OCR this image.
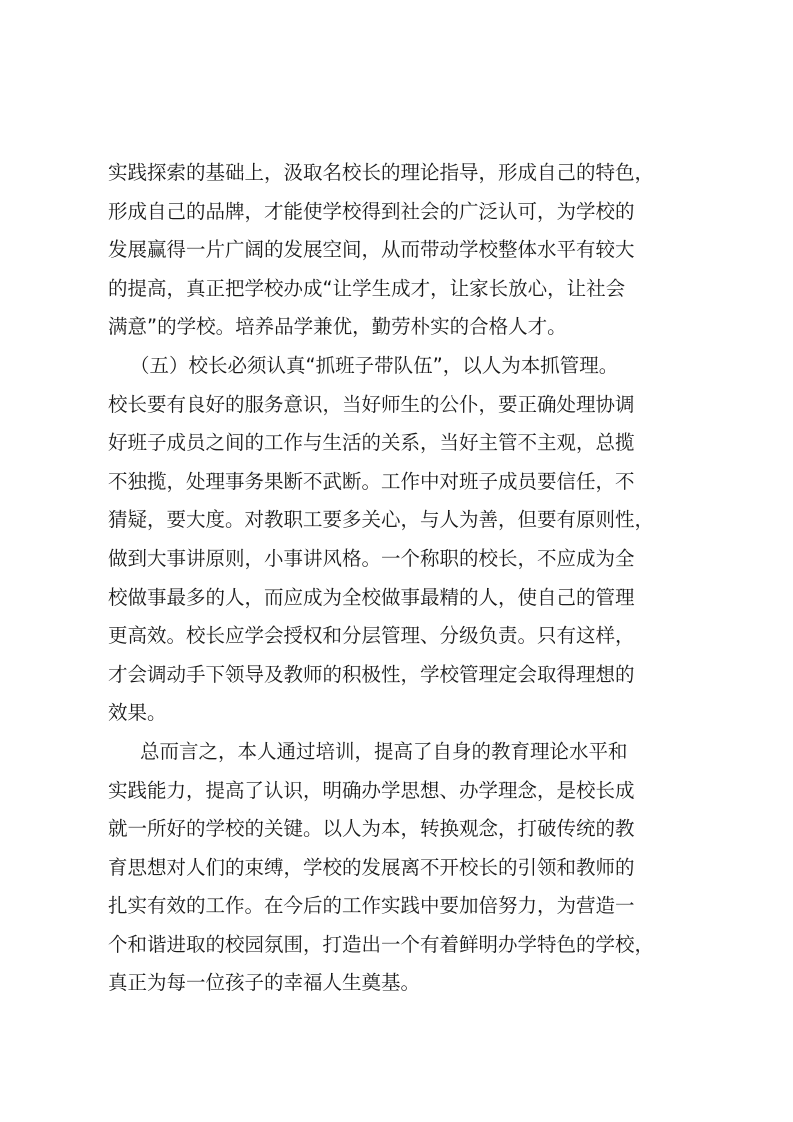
实践探索的基础上，汲取名校长的理论指导，形成自己的特色，
形成自己的品牌，才能使学校得到社会的广泛认可，为学校的
发展赢得一片广阔的发展空间，从而带动学校整体水平有较大
的提高，真正把学校办成“让学生成才，让家长放心，让社会
满意”的学校。培养品学兼优，勤劳朴实的合格人才。
（五）校长必须认真“抓班子带队伍”，以人为本抓管理。
校长要有良好的服务意识，当好师生的公仆，要正确处理协调
好班子成员之间的工作与生活的关系，当好主管不主观，总揽
不独揽，处理事务果断不武断。工作中对班子成员要信任，不
猜疑，要大度。对教职工要多关心，与人为善，但要有原则性，
做到大事讲原则，小事讲风格。一个称职的校长，不应成为全
校做事最多的人，而应成为全校做事最精的人，使自己的管理
更高效。校长应学会授权和分层管理、分级负责。只有这样，
才会调动手下领导及教师的积极性，学校管理定会取得理想的
效果。
总而言之，本人通过培训，提高了自身的教育理论水平和
实践能力，提高了认识，明确办学思想、办学理念，是校长成
就一所好的学校的关键。以人为本，转换观念，打破传统的教
育思想对人们的束缚，学校的发展离不开校长的引领和教师的
扎实有效的工作。在今后的工作实践中要加倍努力，为营造一
个和谐进取的校园氛围，打造出一个有着鲜明办学特色的学校，
真正为每一位孩子的幸福人生奠基。
